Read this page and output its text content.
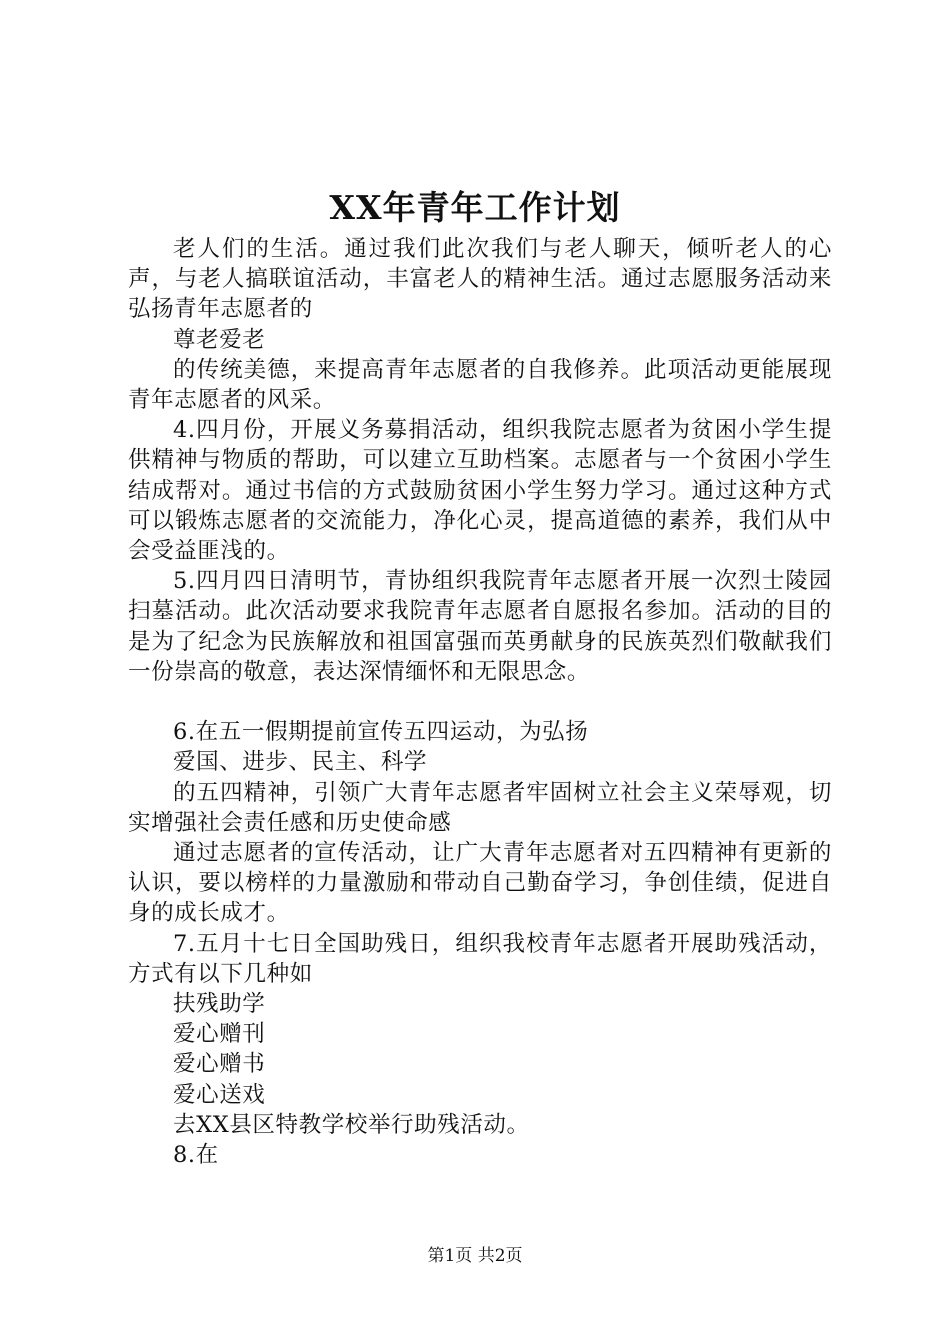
XX年青年工作计划

老人们的生活。通过我们此次我们与老人聊天，倾听老人的心声，与老人搞联谊活动，丰富老人的精神生活。通过志愿服务活动来弘扬青年志愿者的

尊老爱老

的传统美德，来提高青年志愿者的自我修养。此项活动更能展现青年志愿者的风采。

4.四月份，开展义务募捐活动，组织我院志愿者为贫困小学生提供精神与物质的帮助，可以建立互助档案。志愿者与一个贫困小学生结成帮对。通过书信的方式鼓励贫困小学生努力学习。通过这种方式可以锻炼志愿者的交流能力，净化心灵，提高道德的素养，我们从中会受益匪浅的。

5.四月四日清明节，青协组织我院青年志愿者开展一次烈士陵园扫墓活动。此次活动要求我院青年志愿者自愿报名参加。活动的目的是为了纪念为民族解放和祖国富强而英勇献身的民族英烈们敬献我们一份崇高的敬意，表达深情缅怀和无限思念。

6.在五一假期提前宣传五四运动，为弘扬

爱国、进步、民主、科学

的五四精神，引领广大青年志愿者牢固树立社会主义荣辱观，切实增强社会责任感和历史使命感

通过志愿者的宣传活动，让广大青年志愿者对五四精神有更新的认识，要以榜样的力量激励和带动自己勤奋学习，争创佳绩，促进自身的成长成才。

7.五月十七日全国助残日，组织我校青年志愿者开展助残活动，方式有以下几种如

扶残助学

爱心赠刊

爱心赠书

爱心送戏

去XX县区特教学校举行助残活动。

8.在

第1页 共2页
